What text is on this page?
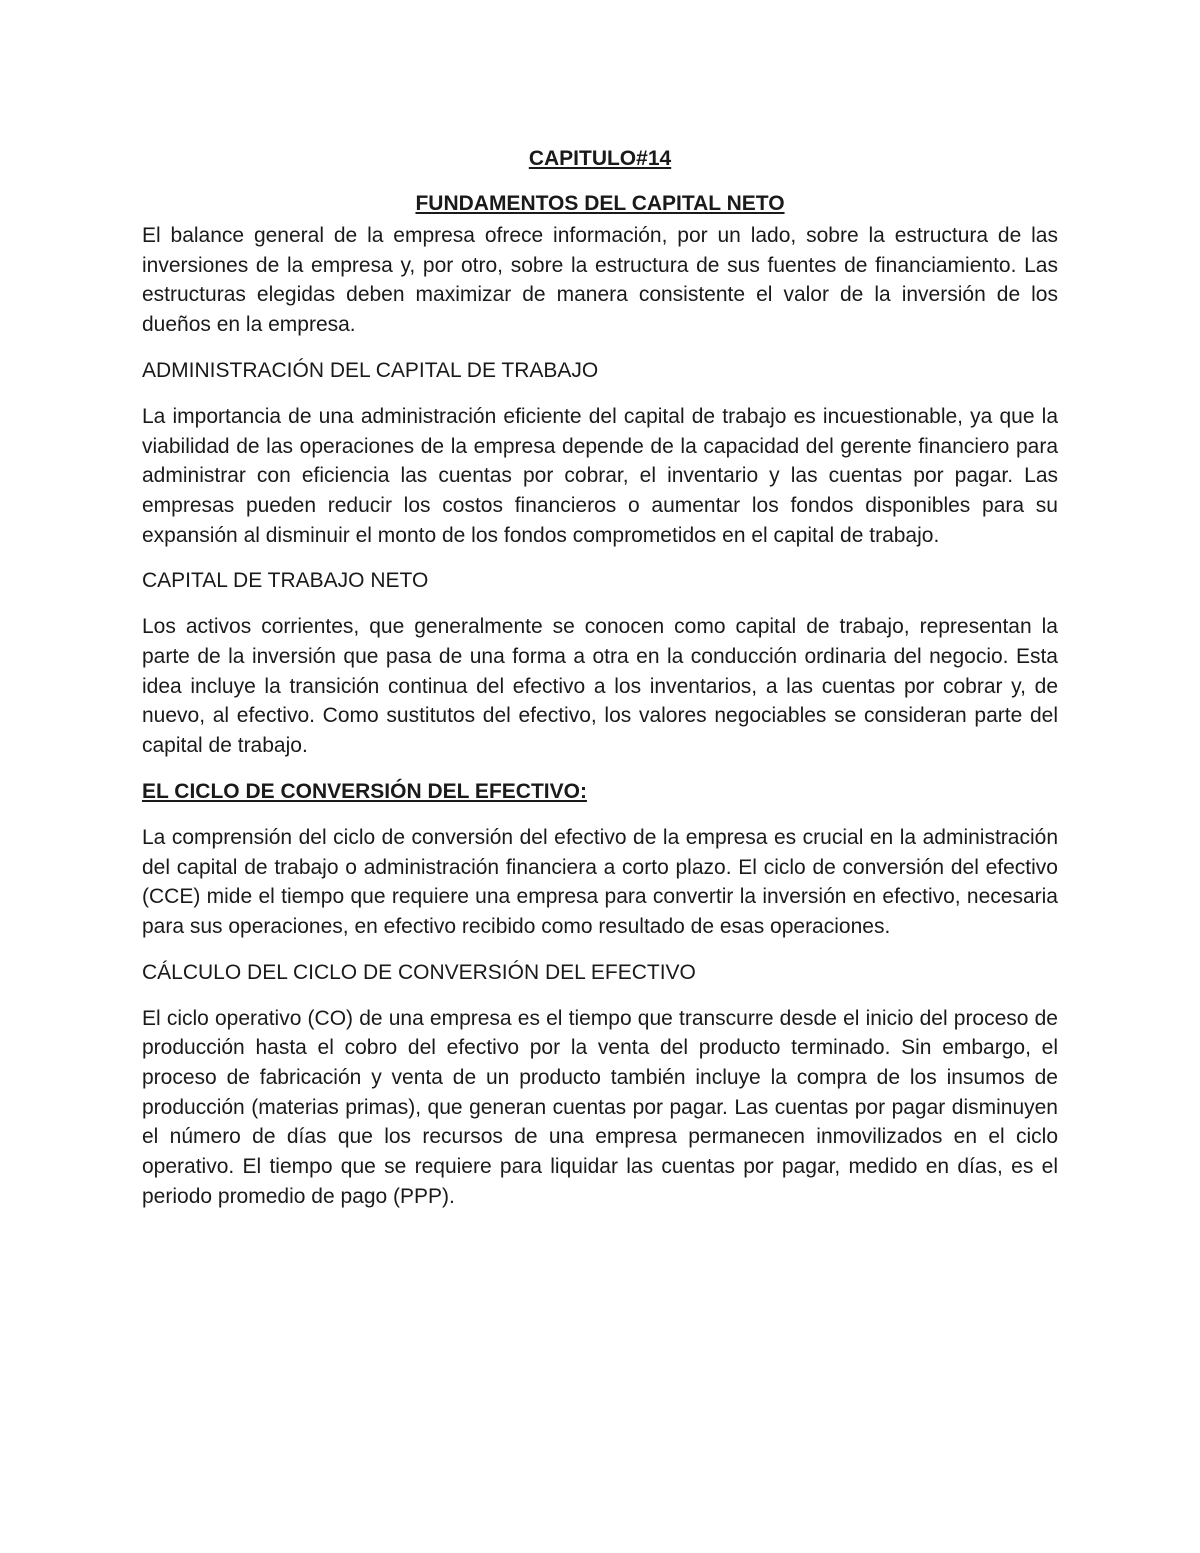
CAPITULO#14

FUNDAMENTOS DEL CAPITAL NETO

El balance general de la empresa ofrece información, por un lado, sobre la estructura de las inversiones de la empresa y, por otro, sobre la estructura de sus fuentes de financiamiento. Las estructuras elegidas deben maximizar de manera consistente el valor de la inversión de los dueños en la empresa.

ADMINISTRACIÓN DEL CAPITAL DE TRABAJO

La importancia de una administración eficiente del capital de trabajo es incuestionable, ya que la viabilidad de las operaciones de la empresa depende de la capacidad del gerente financiero para administrar con eficiencia las cuentas por cobrar, el inventario y las cuentas por pagar. Las empresas pueden reducir los costos financieros o aumentar los fondos disponibles para su expansión al disminuir el monto de los fondos comprometidos en el capital de trabajo.

CAPITAL DE TRABAJO NETO

Los activos corrientes, que generalmente se conocen como capital de trabajo, representan la parte de la inversión que pasa de una forma a otra en la conducción ordinaria del negocio. Esta idea incluye la transición continua del efectivo a los inventarios, a las cuentas por cobrar y, de nuevo, al efectivo. Como sustitutos del efectivo, los valores negociables se consideran parte del capital de trabajo.

EL CICLO DE CONVERSIÓN DEL EFECTIVO:

La comprensión del ciclo de conversión del efectivo de la empresa es crucial en la administración del capital de trabajo o administración financiera a corto plazo. El ciclo de conversión del efectivo (CCE) mide el tiempo que requiere una empresa para convertir la inversión en efectivo, necesaria para sus operaciones, en efectivo recibido como resultado de esas operaciones.

CÁLCULO DEL CICLO DE CONVERSIÓN DEL EFECTIVO

El ciclo operativo (CO) de una empresa es el tiempo que transcurre desde el inicio del proceso de producción hasta el cobro del efectivo por la venta del producto terminado. Sin embargo, el proceso de fabricación y venta de un producto también incluye la compra de los insumos de producción (materias primas), que generan cuentas por pagar. Las cuentas por pagar disminuyen el número de días que los recursos de una empresa permanecen inmovilizados en el ciclo operativo. El tiempo que se requiere para liquidar las cuentas por pagar, medido en días, es el periodo promedio de pago (PPP).
